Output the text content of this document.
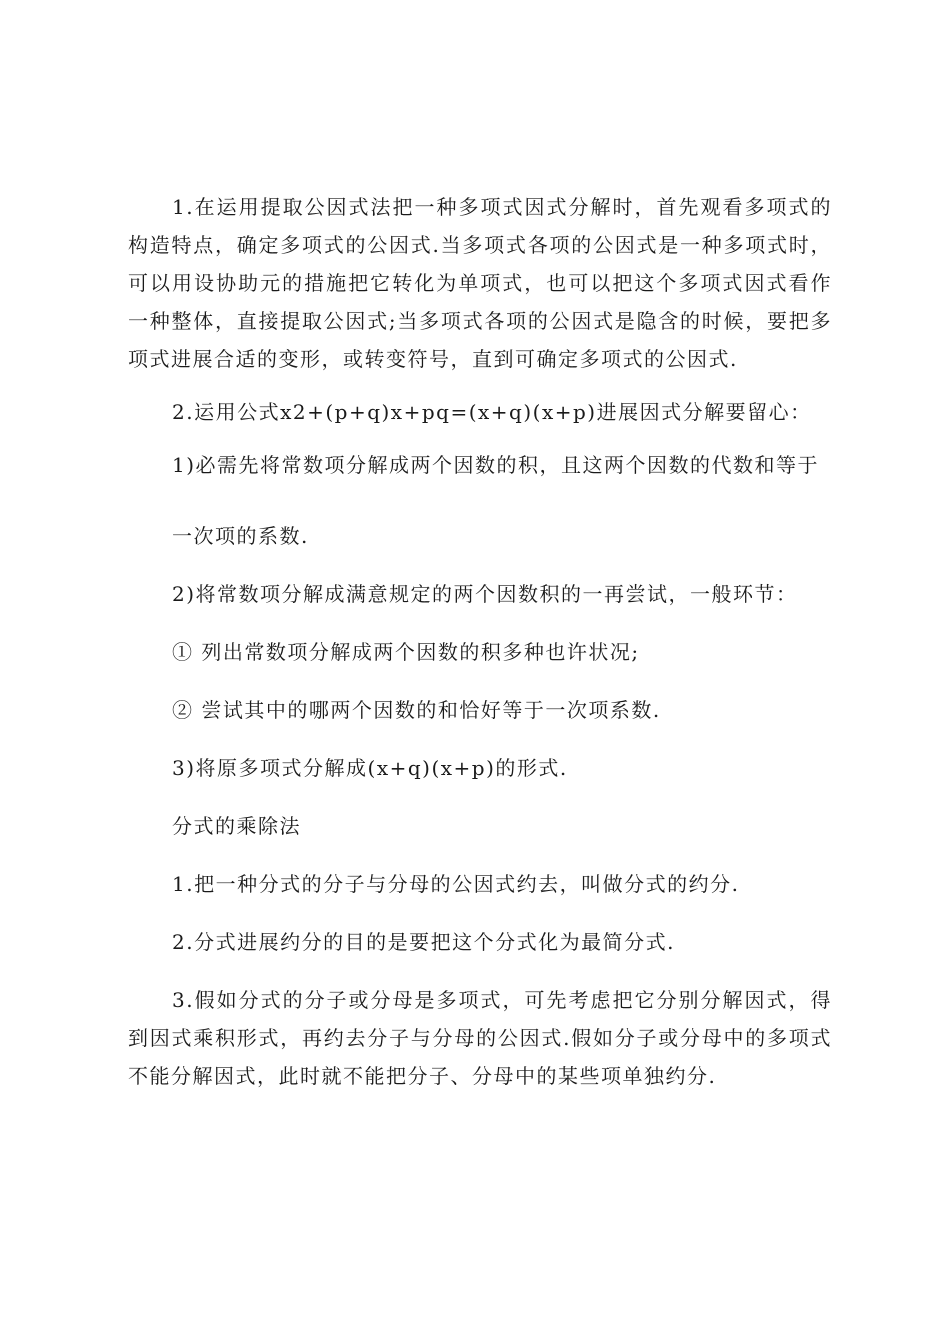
1.在运用提取公因式法把一种多项式因式分解时，首先观看多项式的构造特点，确定多项式的公因式.当多项式各项的公因式是一种多项式时，可以用设协助元的措施把它转化为单项式，也可以把这个多项式因式看作一种整体，直接提取公因式;当多项式各项的公因式是隐含的时候，要把多项式进展合适的变形，或转变符号，直到可确定多项式的公因式.

2.运用公式x2+(p+q)x+pq=(x+q)(x+p)进展因式分解要留心：

1)必需先将常数项分解成两个因数的积，且这两个因数的代数和等于

一次项的系数.

2)将常数项分解成满意规定的两个因数积的一再尝试，一般环节：

① 列出常数项分解成两个因数的积多种也许状况;

② 尝试其中的哪两个因数的和恰好等于一次项系数.

3)将原多项式分解成(x+q)(x+p)的形式.

分式的乘除法

1.把一种分式的分子与分母的公因式约去，叫做分式的约分.

2.分式进展约分的目的是要把这个分式化为最简分式.

3.假如分式的分子或分母是多项式，可先考虑把它分别分解因式，得到因式乘积形式，再约去分子与分母的公因式.假如分子或分母中的多项式不能分解因式，此时就不能把分子、分母中的某些项单独约分.
